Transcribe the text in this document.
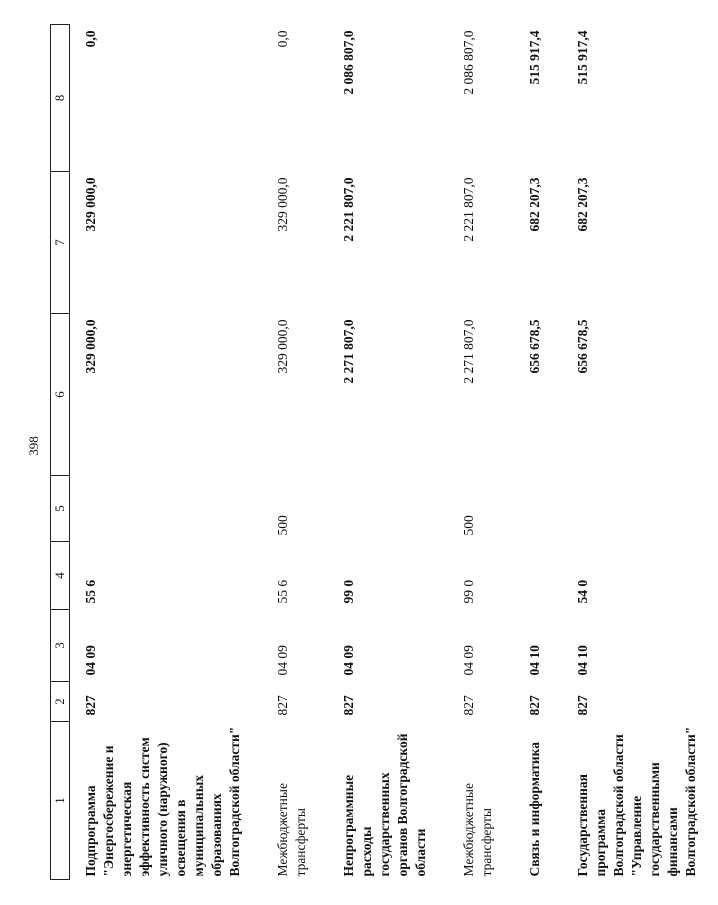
398
1	2	3	4	5	6	7	8
Подпрограмма "Энергосбережение и энергетическая эффективность систем уличного (наружного) освещения в муниципальных образованиях Волгоградской области"	827	04 09	55 6		329 000,0	329 000,0	0,0
Межбюджетные трансферты	827	04 09	55 6	500	329 000,0	329 000,0	0,0
Непрограммные расходы государственных органов Волгоградской области	827	04 09	99 0		2 271 807,0	2 221 807,0	2 086 807,0
Межбюджетные трансферты	827	04 09	99 0	500	2 271 807,0	2 221 807,0	2 086 807,0
Связь и информатика	827	04 10			656 678,5	682 207,3	515 917,4
Государственная программа Волгоградской области "Управление государственными финансами Волгоградской области"	827	04 10	54 0		656 678,5	682 207,3	515 917,4
